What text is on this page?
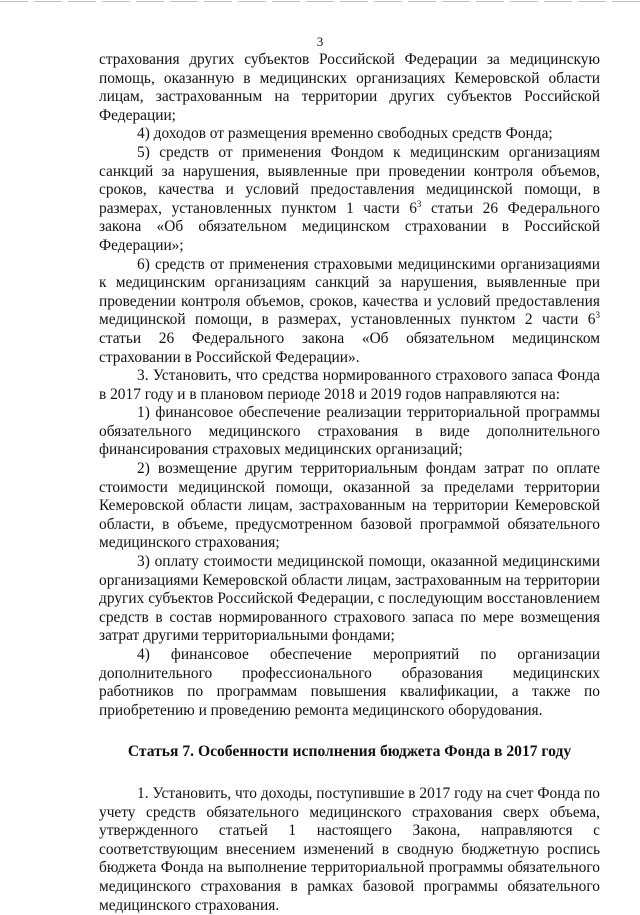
3

страхования других субъектов Российской Федерации за медицинскую помощь, оказанную в медицинских организациях Кемеровской области лицам, застрахованным на территории других субъектов Российской Федерации;

4) доходов от размещения временно свободных средств Фонда;

5) средств от применения Фондом к медицинским организациям санкций за нарушения, выявленные при проведении контроля объемов, сроков, качества и условий предоставления медицинской помощи, в размерах, установленных пунктом 1 части $6^3$ статьи 26 Федерального закона «Об обязательном медицинском страховании в Российской Федерации»;

6) средств от применения страховыми медицинскими организациями к медицинским организациям санкций за нарушения, выявленные при проведении контроля объемов, сроков, качества и условий предоставления медицинской помощи, в размерах, установленных пунктом 2 части $6^3$ статьи 26 Федерального закона «Об обязательном медицинском страховании в Российской Федерации».

3. Установить, что средства нормированного страхового запаса Фонда в 2017 году и в плановом периоде 2018 и 2019 годов направляются на:

1) финансовое обеспечение реализации территориальной программы обязательного медицинского страхования в виде дополнительного финансирования страховых медицинских организаций;

2) возмещение другим территориальным фондам затрат по оплате стоимости медицинской помощи, оказанной за пределами территории Кемеровской области лицам, застрахованным на территории Кемеровской области, в объеме, предусмотренном базовой программой обязательного медицинского страхования;

3) оплату стоимости медицинской помощи, оказанной медицинскими организациями Кемеровской области лицам, застрахованным на территории других субъектов Российской Федерации, с последующим восстановлением средств в состав нормированного страхового запаса по мере возмещения затрат другими территориальными фондами;

4) финансовое обеспечение мероприятий по организации дополнительного профессионального образования медицинских работников по программам повышения квалификации, а также по приобретению и проведению ремонта медицинского оборудования.

Статья 7. Особенности исполнения бюджета Фонда в 2017 году

1. Установить, что доходы, поступившие в 2017 году на счет Фонда по учету средств обязательного медицинского страхования сверх объема, утвержденного статьей 1 настоящего Закона, направляются с соответствующим внесением изменений в сводную бюджетную роспись бюджета Фонда на выполнение территориальной программы обязательного медицинского страхования в рамках базовой программы обязательного медицинского страхования.
